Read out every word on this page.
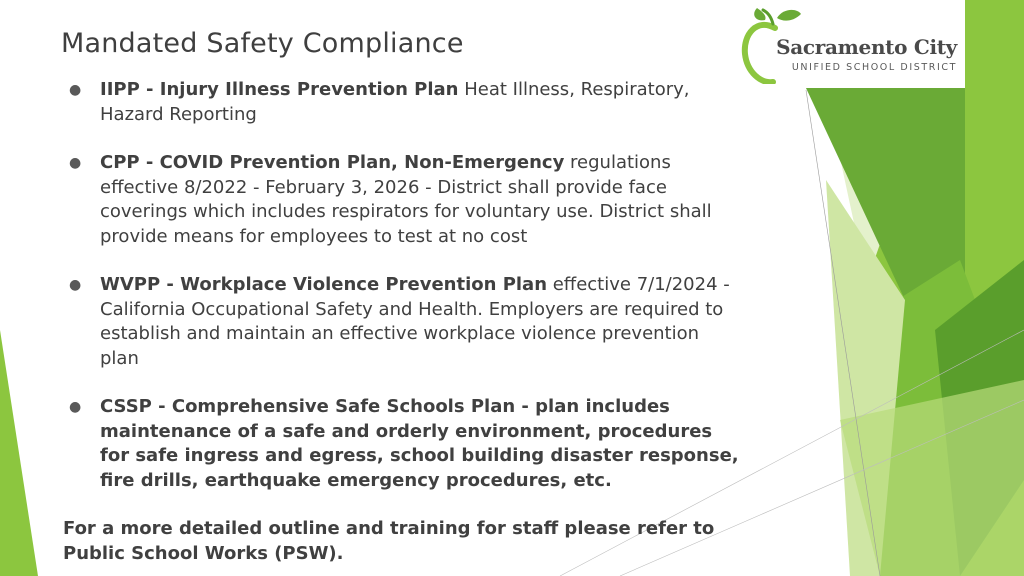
Mandated Safety Compliance	Sacramento City
UNIFIED SCHOOL DISTRICT
● IIPP - Injury Illness Prevention Plan Heat Illness, Respiratory, Hazard Reporting
● CPP - COVID Prevention Plan, Non-Emergency regulations effective 8/2022 - February 3, 2026 - District shall provide face coverings which includes respirators for voluntary use. District shall provide means for employees to test at no cost
● WVPP - Workplace Violence Prevention Plan effective 7/1/2024 - California Occupational Safety and Health. Employers are required to establish and maintain an effective workplace violence prevention plan
● CSSP - Comprehensive Safe Schools Plan - plan includes maintenance of a safe and orderly environment, procedures for safe ingress and egress, school building disaster response, fire drills, earthquake emergency procedures, etc.
For a more detailed outline and training for staff please refer to Public School Works (PSW).
